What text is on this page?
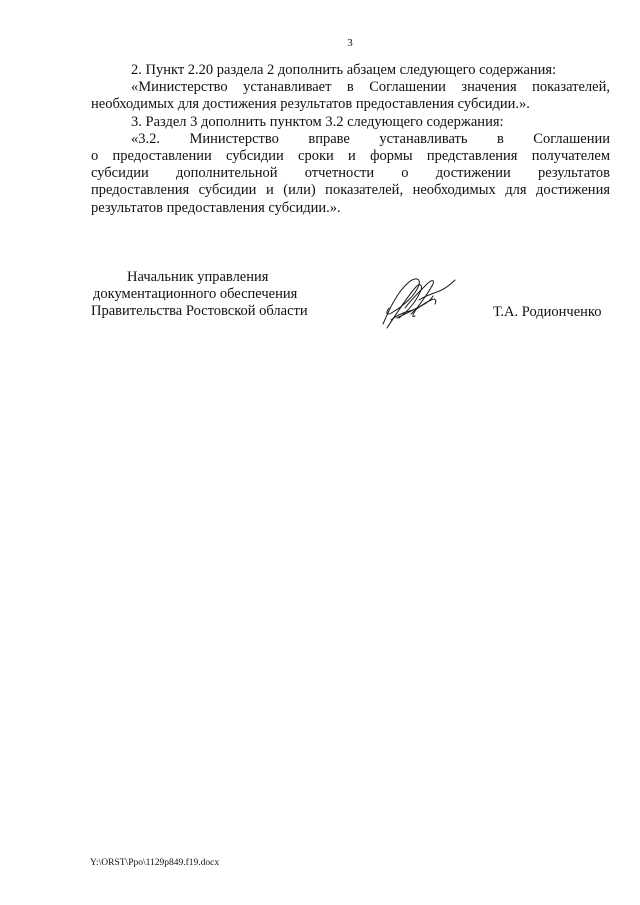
3
2. Пункт 2.20 раздела 2 дополнить абзацем следующего содержания:
«Министерство устанавливает в Соглашении значения показателей,
необходимых для достижения результатов предоставления субсидии.».
3. Раздел 3 дополнить пунктом 3.2 следующего содержания:
«3.2. Министерство вправе устанавливать в Соглашении
о предоставлении субсидии сроки и формы представления получателем
субсидии дополнительной отчетности о достижении результатов
предоставления субсидии и (или) показателей, необходимых для достижения
результатов предоставления субсидии.».
Начальник управления
документационного обеспечения
Правительства Ростовской области	Т.А. Родионченко
Y:\ORST\Ppo\1129p849.f19.docx
